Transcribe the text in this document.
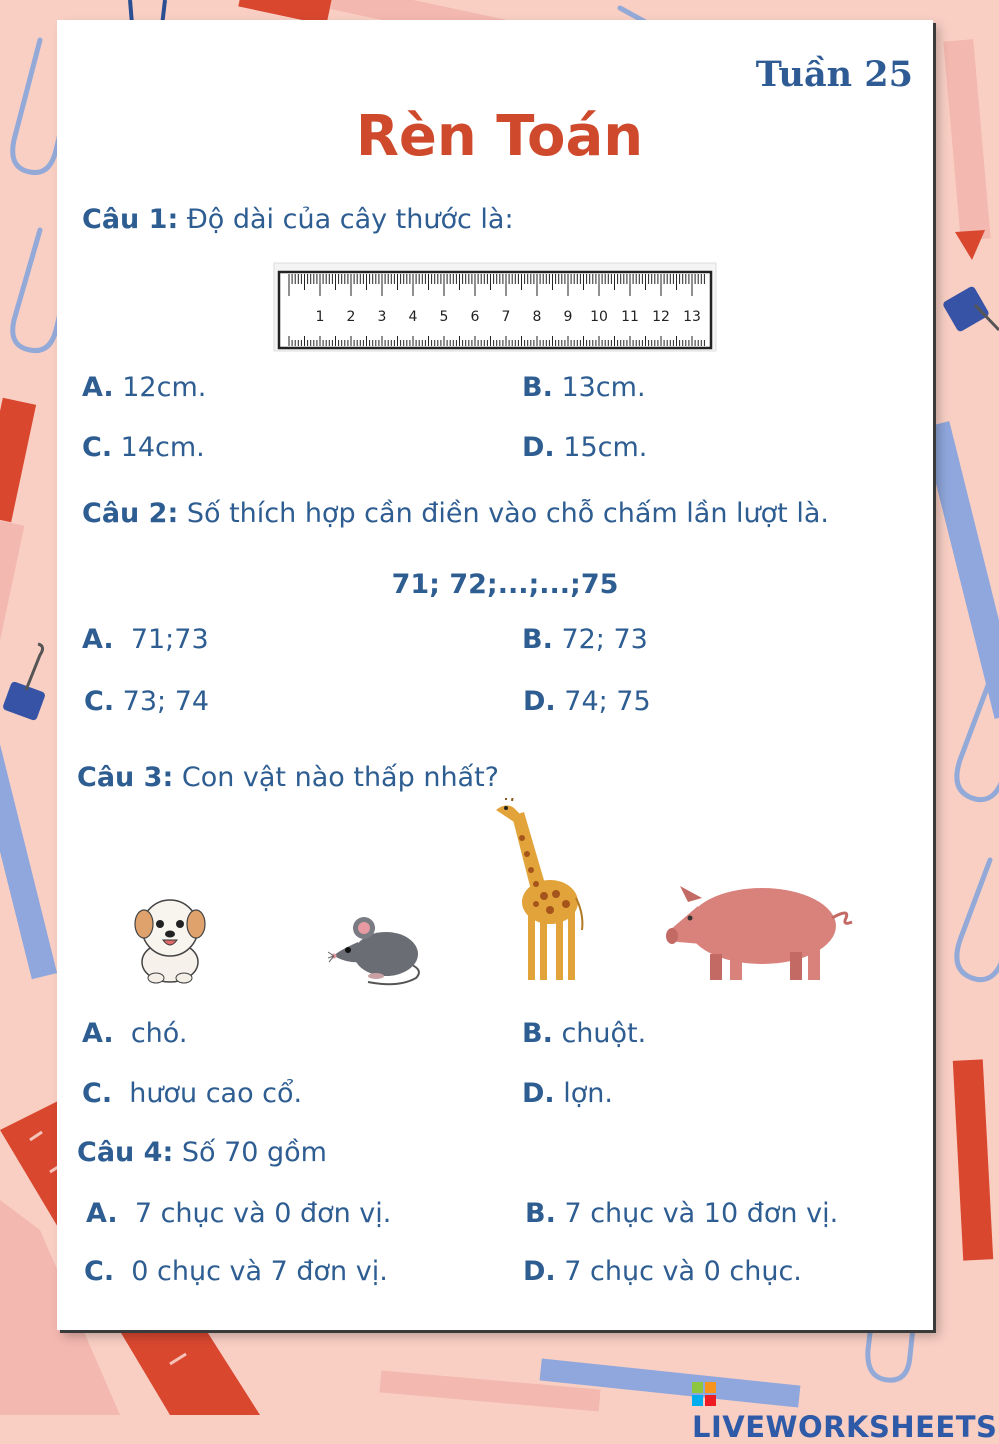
Tuần 25
Rèn Toán
Câu 1: Độ dài của cây thước là:
1 2 3 4 5 6 7 8 9 10 11 12 13
A. 12cm.	B. 13cm.
C. 14cm.	D. 15cm.
Câu 2: Số thích hợp cần điền vào chỗ chấm lần lượt là.
71; 72;...;...;75
A. 71;73	B. 72; 73
C. 73; 74	D. 74; 75
Câu 3: Con vật nào thấp nhất?
A. chó.	B. chuột.
C. hươu cao cổ.	D. lợn.
Câu 4: Số 70 gồm
A. 7 chục và 0 đơn vị.	B. 7 chục và 10 đơn vị.
C. 0 chục và 7 đơn vị.	D. 7 chục và 0 chục.
LIVEWORKSHEETS
